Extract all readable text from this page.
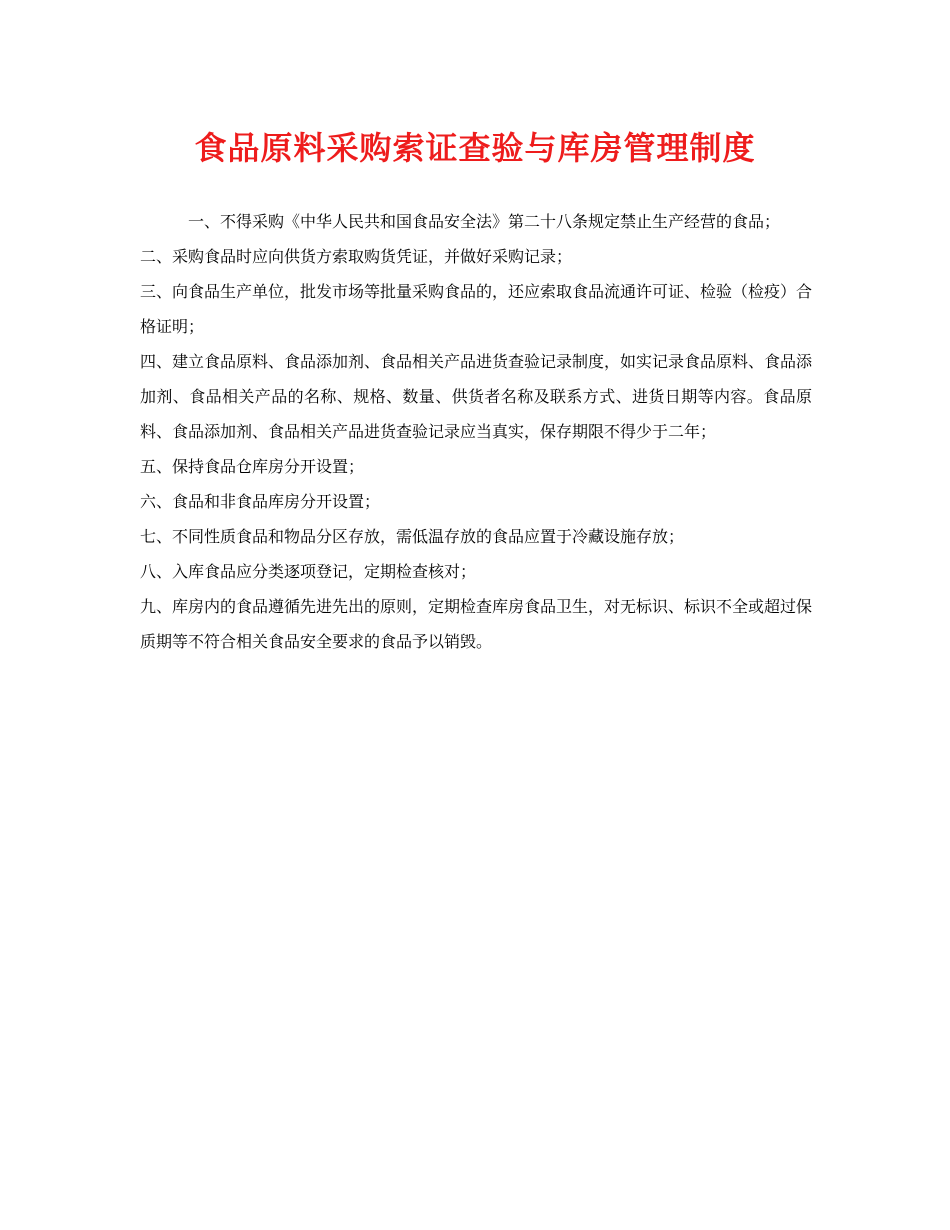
食品原料采购索证查验与库房管理制度

一、不得采购《中华人民共和国食品安全法》第二十八条规定禁止生产经营的食品；

二、采购食品时应向供货方索取购货凭证，并做好采购记录；

三、向食品生产单位，批发市场等批量采购食品的，还应索取食品流通许可证、检验（检疫）合格证明；

四、建立食品原料、食品添加剂、食品相关产品进货查验记录制度，如实记录食品原料、食品添加剂、食品相关产品的名称、规格、数量、供货者名称及联系方式、进货日期等内容。食品原料、食品添加剂、食品相关产品进货查验记录应当真实，保存期限不得少于二年；

五、保持食品仓库房分开设置；

六、食品和非食品库房分开设置；

七、不同性质食品和物品分区存放，需低温存放的食品应置于冷藏设施存放；

八、入库食品应分类逐项登记，定期检查核对；

九、库房内的食品遵循先进先出的原则，定期检查库房食品卫生，对无标识、标识不全或超过保质期等不符合相关食品安全要求的食品予以销毁。
